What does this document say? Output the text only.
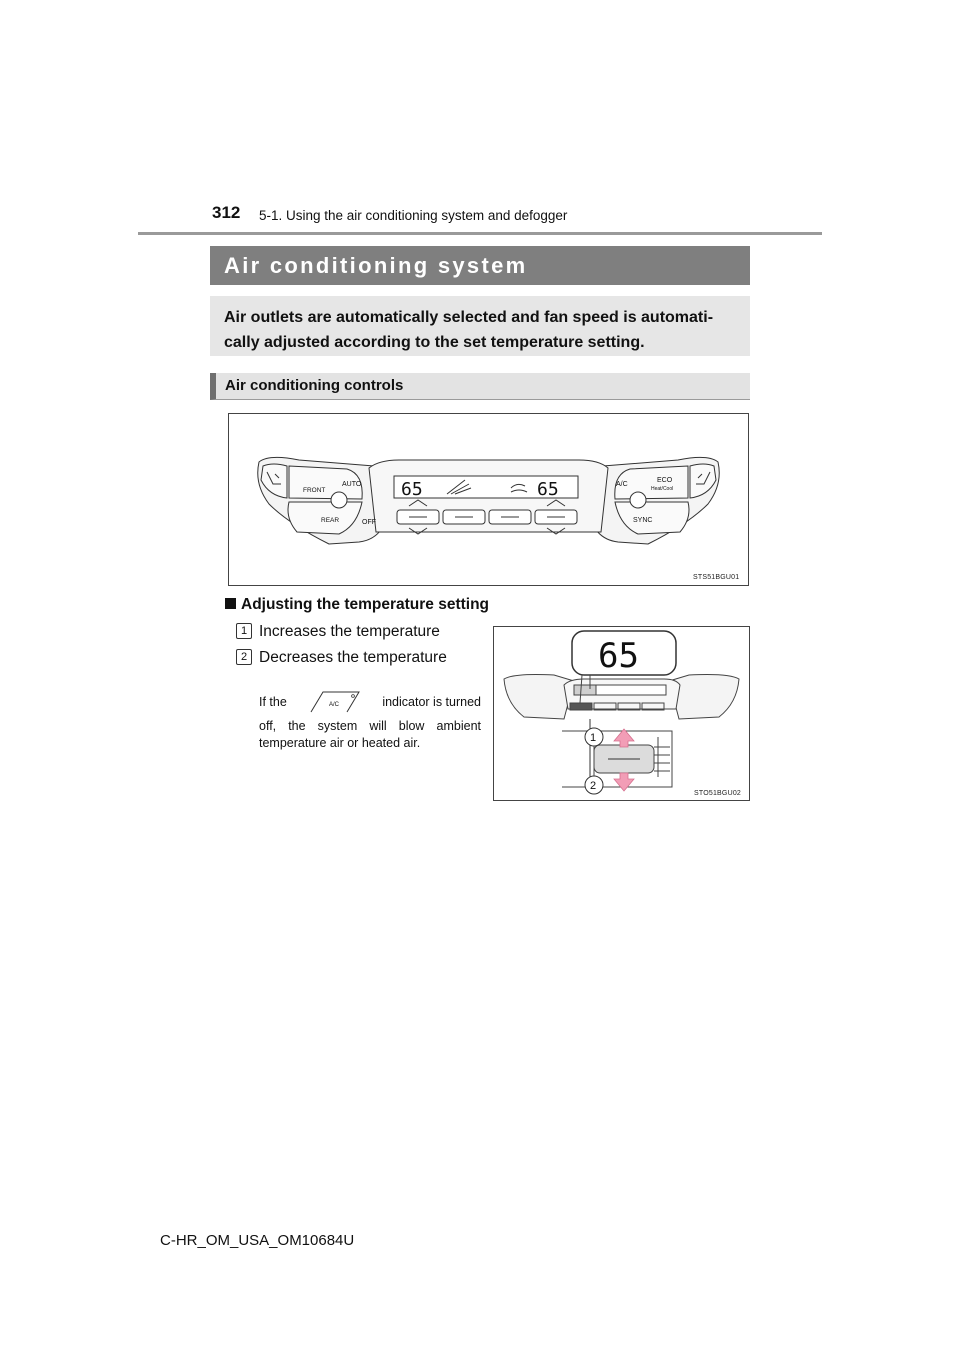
312 5-1. Using the air conditioning system and defogger
Air conditioning system
Air outlets are automatically selected and fan speed is automati-cally adjusted according to the set temperature setting.
Air conditioning controls
65	65
FRONT
AUTO
REAR	OFF
A/C
ECO
Heat/Cool
SYNC
STS51BGU01
Adjusting the temperature setting
1 Increases the temperature
2 Decreases the temperature
If the	A/C	indicator is turned
off, the system will blow ambient temperature air or heated air.
65
1
2
STO51BGU02
C-HR_OM_USA_OM10684U
